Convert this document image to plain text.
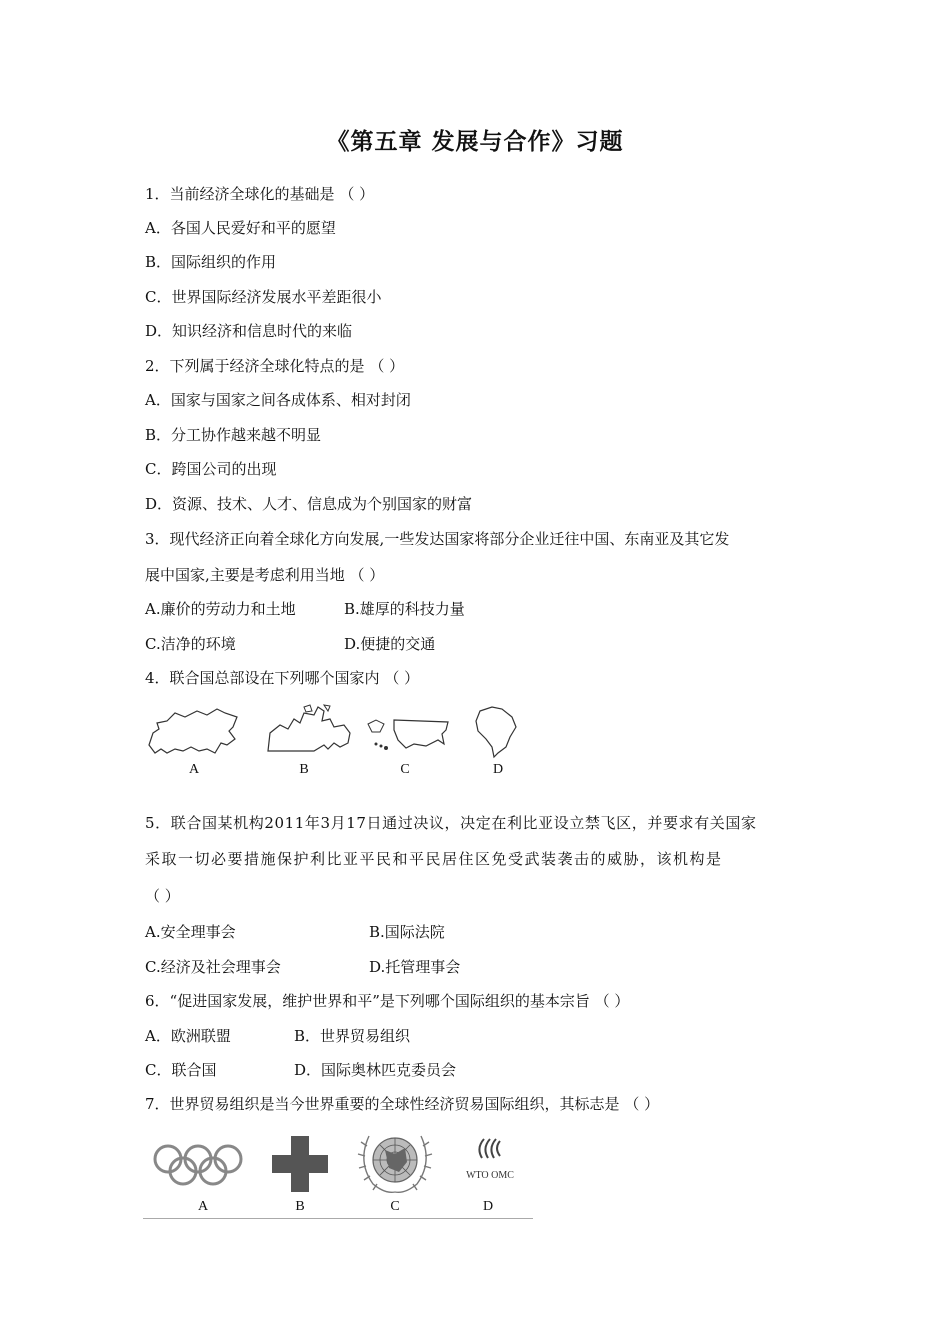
《第五章 发展与合作》习题
1．当前经济全球化的基础是 （ ）
A．各国人民爱好和平的愿望
B．国际组织的作用
C．世界国际经济发展水平差距很小
D．知识经济和信息时代的来临
2．下列属于经济全球化特点的是 （ ）
A．国家与国家之间各成体系、相对封闭
B．分工协作越来越不明显
C．跨国公司的出现
D．资源、技术、人才、信息成为个别国家的财富
3．现代经济正向着全球化方向发展,一些发达国家将部分企业迁往中国、东南亚及其它发
展中国家,主要是考虑利用当地 （ ）
A.廉价的劳动力和土地	B.雄厚的科技力量
C.洁净的环境	D.便捷的交通
4．联合国总部设在下列哪个国家内 （ ）
A	B	C	D
5．联合国某机构2011年3月17日通过决议，决定在利比亚设立禁飞区，并要求有关国家
采取一切必要措施保护利比亚平民和平民居住区免受武装袭击的威胁，该机构是
（ ）
A.安全理事会	B.国际法院
C.经济及社会理事会	D.托管理事会
6．“促进国家发展，维护世界和平”是下列哪个国际组织的基本宗旨 （ ）
A．欧洲联盟	B．世界贸易组织
C．联合国	D．国际奥林匹克委员会
7．世界贸易组织是当今世界重要的全球性经济贸易国际组织，其标志是 （ ）
WTO OMC
A	B	C	D
